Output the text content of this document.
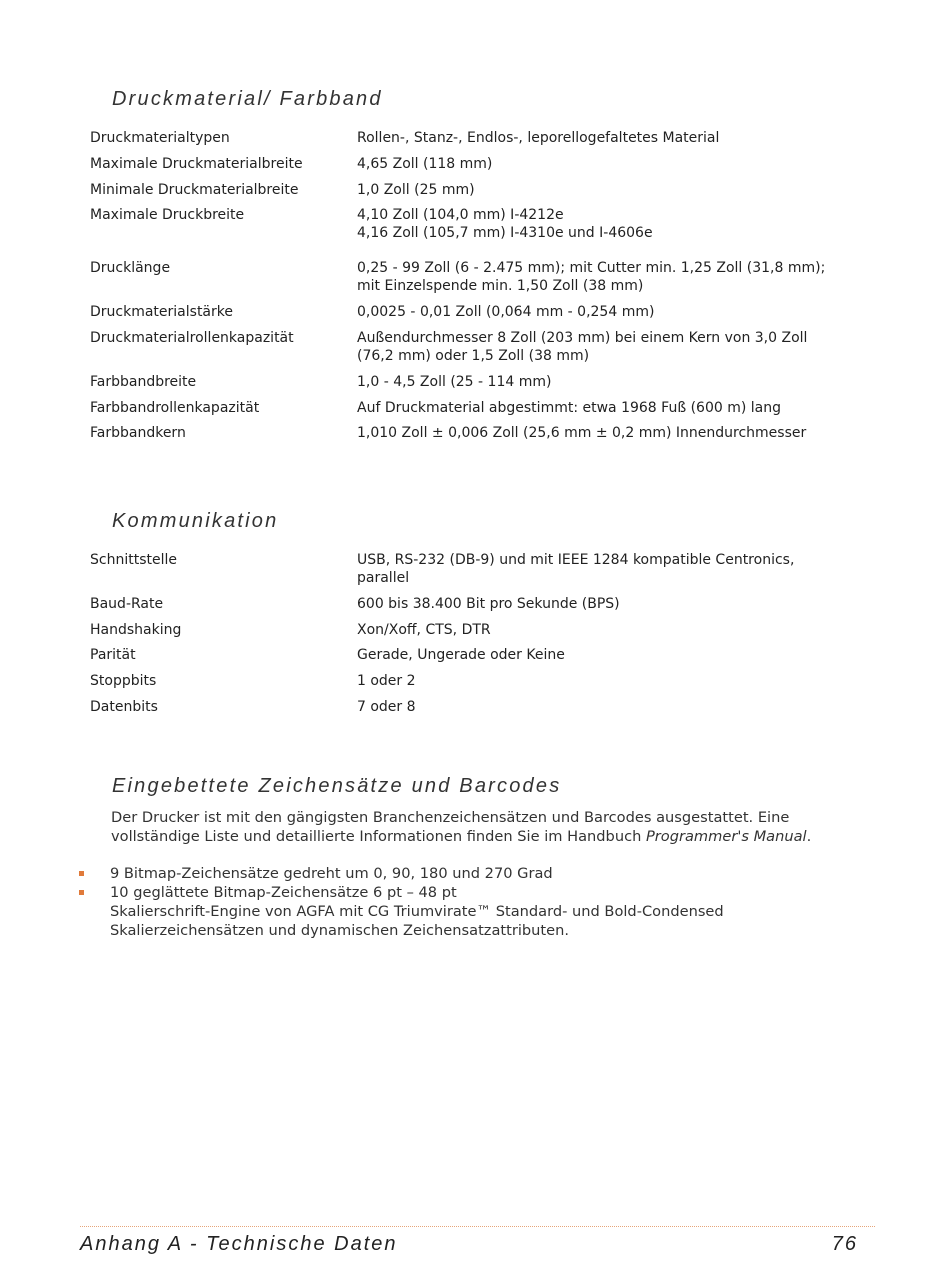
Druckmaterial/ Farbband
Druckmaterialtypen	Rollen-, Stanz-, Endlos-, leporellogefaltetes Material
Maximale Druckmaterialbreite	4,65 Zoll (118 mm)
Minimale Druckmaterialbreite	1,0 Zoll (25 mm)
Maximale Druckbreite	4,10 Zoll (104,0 mm) I-4212e
4,16 Zoll (105,7 mm) I-4310e und I-4606e
Drucklänge	0,25 - 99 Zoll (6 - 2.475 mm); mit Cutter min. 1,25 Zoll (31,8 mm);
mit Einzelspende min. 1,50 Zoll (38 mm)
Druckmaterialstärke	0,0025 - 0,01 Zoll (0,064 mm - 0,254 mm)
Druckmaterialrollenkapazität	Außendurchmesser 8 Zoll (203 mm) bei einem Kern von 3,0 Zoll
(76,2 mm) oder 1,5 Zoll (38 mm)
Farbbandbreite	1,0 - 4,5 Zoll (25 - 114 mm)
Farbbandrollenkapazität	Auf Druckmaterial abgestimmt: etwa 1968 Fuß (600 m) lang
Farbbandkern	1,010 Zoll ± 0,006 Zoll (25,6 mm ± 0,2 mm) Innendurchmesser
Kommunikation
Schnittstelle	USB, RS-232 (DB-9) und mit IEEE 1284 kompatible Centronics,
parallel
Baud-Rate	600 bis 38.400 Bit pro Sekunde (BPS)
Handshaking	Xon/Xoff, CTS, DTR
Parität	Gerade, Ungerade oder Keine
Stoppbits	1 oder 2
Datenbits	7 oder 8
Eingebettete Zeichensätze und Barcodes

Der Drucker ist mit den gängigsten Branchenzeichensätzen und Barcodes ausgestattet. Eine
vollständige Liste und detaillierte Informationen finden Sie im Handbuch Programmer's Manual.

9 Bitmap-Zeichensätze gedreht um 0, 90, 180 und 270 Grad
10 geglättete Bitmap-Zeichensätze 6 pt – 48 pt
Skalierschrift-Engine von AGFA mit CG Triumvirate™ Standard- und Bold-Condensed
Skalierzeichensätzen und dynamischen Zeichensatzattributen.
Anhang A - Technische Daten	76
